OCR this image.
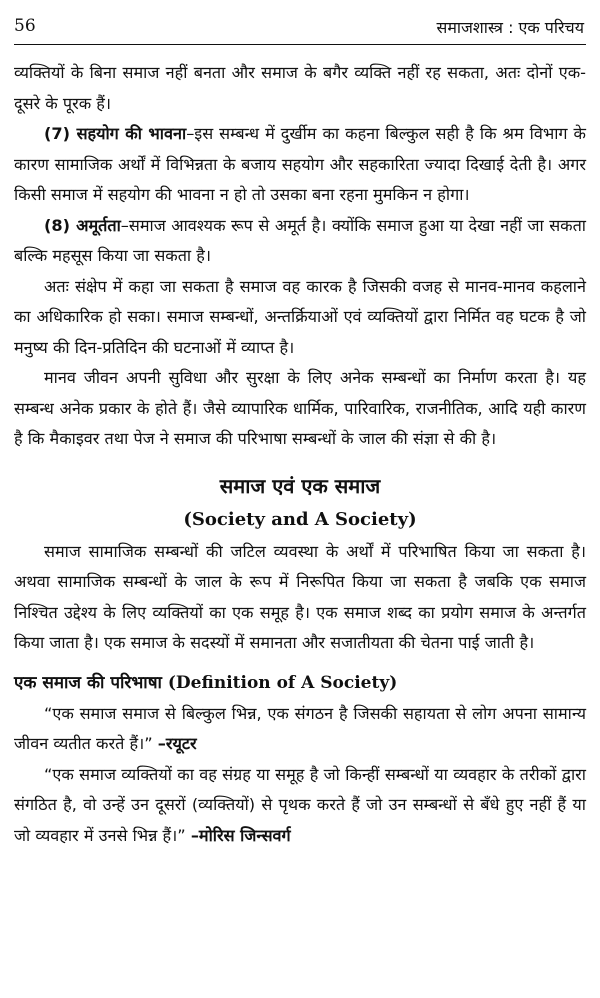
56	समाजशास्त्र : एक परिचय

व्यक्तियों के बिना समाज नहीं बनता और समाज के बगैर व्यक्ति नहीं रह सकता, अतः दोनों एक-दूसरे के पूरक हैं।

(7) सहयोग की भावना–इस सम्बन्ध में दुर्खीम का कहना बिल्कुल सही है कि श्रम विभाग के कारण सामाजिक अर्थों में विभिन्नता के बजाय सहयोग और सहकारिता ज्यादा दिखाई देती है। अगर किसी समाज में सहयोग की भावना न हो तो उसका बना रहना मुमकिन न होगा।

(8) अमूर्तता–समाज आवश्यक रूप से अमूर्त है। क्योंकि समाज हुआ या देखा नहीं जा सकता बल्कि महसूस किया जा सकता है।

अतः संक्षेप में कहा जा सकता है समाज वह कारक है जिसकी वजह से मानव-मानव कहलाने का अधिकारिक हो सका। समाज सम्बन्धों, अन्तर्क्रियाओं एवं व्यक्तियों द्वारा निर्मित वह घटक है जो मनुष्य की दिन-प्रतिदिन की घटनाओं में व्याप्त है।

मानव जीवन अपनी सुविधा और सुरक्षा के लिए अनेक सम्बन्धों का निर्माण करता है। यह सम्बन्ध अनेक प्रकार के होते हैं। जैसे व्यापारिक धार्मिक, पारिवारिक, राजनीतिक, आदि यही कारण है कि मैकाइवर तथा पेज ने समाज की परिभाषा सम्बन्धों के जाल की संज्ञा से की है।

समाज एवं एक समाज

(Society and A Society)

समाज सामाजिक सम्बन्धों की जटिल व्यवस्था के अर्थों में परिभाषित किया जा सकता है। अथवा सामाजिक सम्बन्धों के जाल के रूप में निरूपित किया जा सकता है जबकि एक समाज निश्चित उद्देश्य के लिए व्यक्तियों का एक समूह है। एक समाज शब्द का प्रयोग समाज के अन्तर्गत किया जाता है। एक समाज के सदस्यों में समानता और सजातीयता की चेतना पाई जाती है।

एक समाज की परिभाषा (Definition of A Society)

“एक समाज समाज से बिल्कुल भिन्न, एक संगठन है जिसकी सहायता से लोग अपना सामान्य जीवन व्यतीत करते हैं।” –रयूटर

“एक समाज व्यक्तियों का वह संग्रह या समूह है जो किन्हीं सम्बन्धों या व्यवहार के तरीकों द्वारा संगठित है, वो उन्हें उन दूसरों (व्यक्तियों) से पृथक करते हैं जो उन सम्बन्धों से बँधे हुए नहीं हैं या जो व्यवहार में उनसे भिन्न हैं।” –मोरिस जिन्सवर्ग
